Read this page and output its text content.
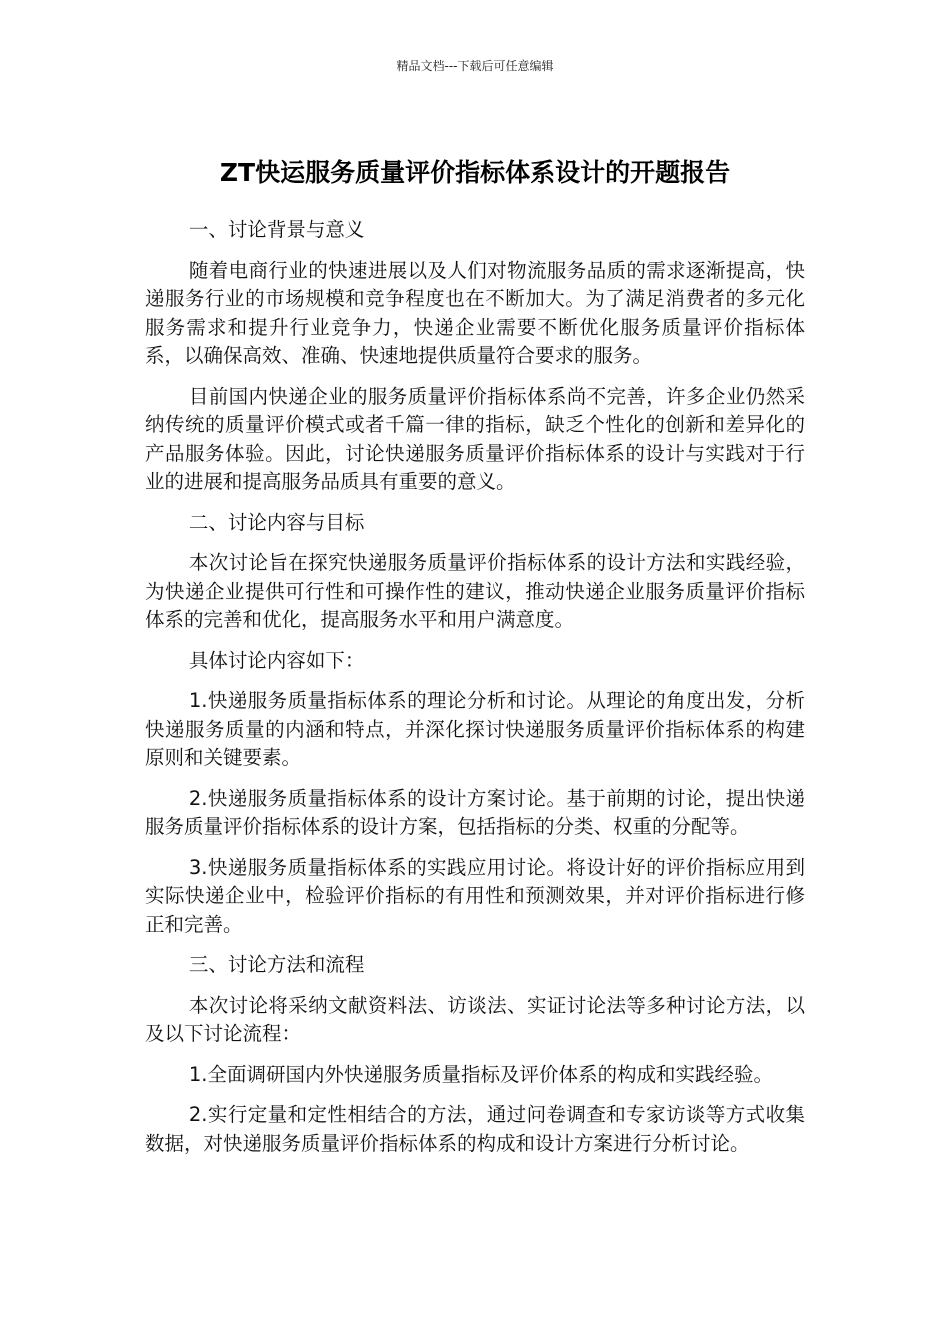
精品文档---下载后可任意编辑
ZT快运服务质量评价指标体系设计的开题报告

一、讨论背景与意义

随着电商行业的快速进展以及人们对物流服务品质的需求逐渐提高，快递服务行业的市场规模和竞争程度也在不断加大。为了满足消费者的多元化服务需求和提升行业竞争力，快递企业需要不断优化服务质量评价指标体系，以确保高效、准确、快速地提供质量符合要求的服务。

目前国内快递企业的服务质量评价指标体系尚不完善，许多企业仍然采纳传统的质量评价模式或者千篇一律的指标，缺乏个性化的创新和差异化的产品服务体验。因此，讨论快递服务质量评价指标体系的设计与实践对于行业的进展和提高服务品质具有重要的意义。

二、讨论内容与目标

本次讨论旨在探究快递服务质量评价指标体系的设计方法和实践经验，为快递企业提供可行性和可操作性的建议，推动快递企业服务质量评价指标体系的完善和优化，提高服务水平和用户满意度。

具体讨论内容如下：

1.快递服务质量指标体系的理论分析和讨论。从理论的角度出发，分析快递服务质量的内涵和特点，并深化探讨快递服务质量评价指标体系的构建原则和关键要素。

2.快递服务质量指标体系的设计方案讨论。基于前期的讨论，提出快递服务质量评价指标体系的设计方案，包括指标的分类、权重的分配等。

3.快递服务质量指标体系的实践应用讨论。将设计好的评价指标应用到实际快递企业中，检验评价指标的有用性和预测效果，并对评价指标进行修正和完善。

三、讨论方法和流程

本次讨论将采纳文献资料法、访谈法、实证讨论法等多种讨论方法，以及以下讨论流程：

1.全面调研国内外快递服务质量指标及评价体系的构成和实践经验。

2.实行定量和定性相结合的方法，通过问卷调查和专家访谈等方式收集数据，对快递服务质量评价指标体系的构成和设计方案进行分析讨论。
